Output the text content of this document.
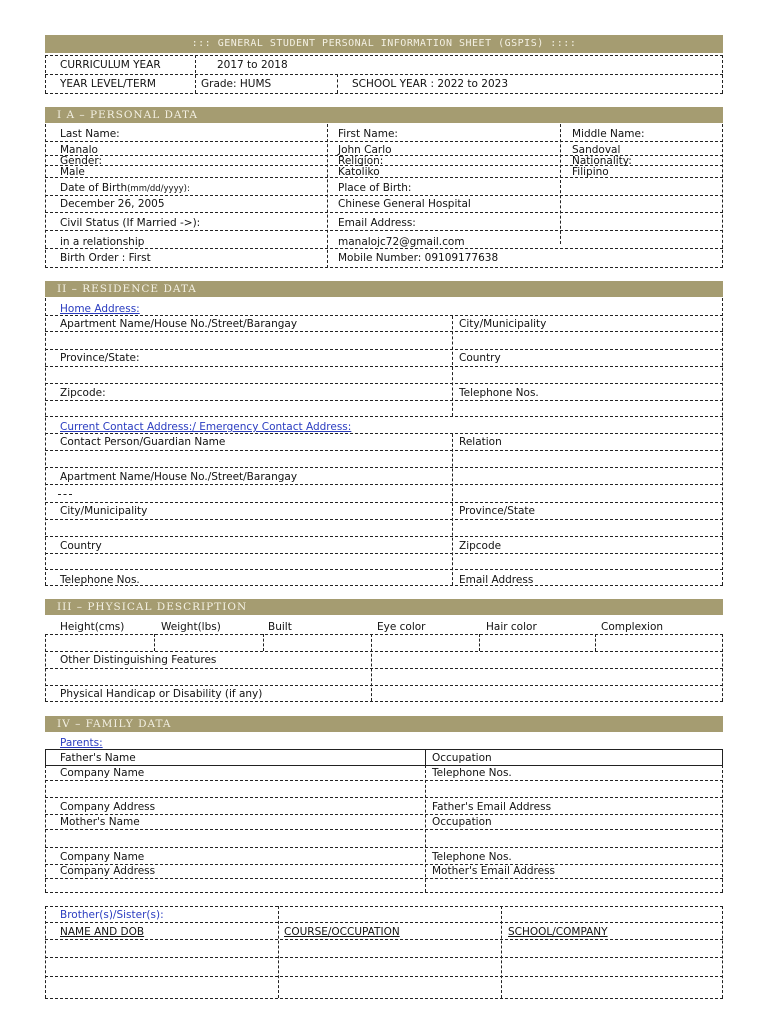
::: GENERAL STUDENT PERSONAL INFORMATION SHEET (GSPIS) ::::
CURRICULUM YEAR	2017 to 2018
YEAR LEVEL/TERM	Grade: HUMS	SCHOOL YEAR : 2022 to 2023
I A – PERSONAL DATA
Last Name:	First Name:	Middle Name:
Manalo	John Carlo	Sandoval
Gender:	Religion:	Nationality:
Male	Katoliko	Filipino
Date of Birth(mm/dd/yyyy):	Place of Birth:
December 26, 2005	Chinese General Hospital
Civil Status (If Married ->):	Email Address:
in a relationship	manalojc72@gmail.com
Birth Order : First	Mobile Number: 09109177638
II – RESIDENCE DATA
Home Address:
Apartment Name/House No./Street/Barangay	City/Municipality
Province/State:	Country
Zipcode:	Telephone Nos.
Current Contact Address:/ Emergency Contact Address:
Contact Person/Guardian Name	Relation
Apartment Name/House No./Street/Barangay
City/Municipality	Province/State
Country	Zipcode
Telephone Nos.	Email Address
III – PHYSICAL DESCRIPTION
Height(cms)	Weight(lbs)	Built	Eye color	Hair color	Complexion
Other Distinguishing Features
Physical Handicap or Disability (if any)
IV – FAMILY DATA
Parents:
Father's Name	Occupation
Company Name	Telephone Nos.
Company Address	Father's Email Address
Mother's Name	Occupation
Company Name	Telephone Nos.
Company Address	Mother's Email Address
Brother(s)/Sister(s):
NAME AND DOB	COURSE/OCCUPATION	SCHOOL/COMPANY
